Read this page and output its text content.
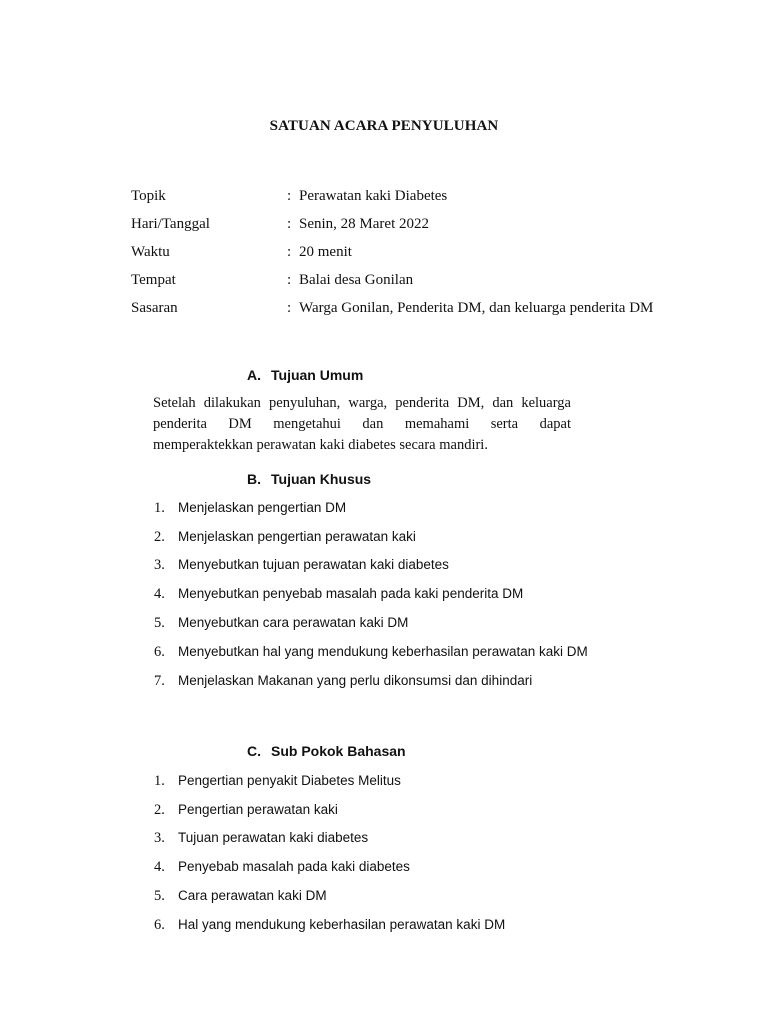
SATUAN ACARA PENYULUHAN
Topik	: Perawatan kaki Diabetes
Hari/Tanggal	: Senin, 28 Maret 2022
Waktu	: 20 menit
Tempat	: Balai desa Gonilan
Sasaran	: Warga Gonilan, Penderita DM, dan keluarga penderita DM
A. Tujuan Umum
Setelah dilakukan penyuluhan, warga, penderita DM, dan keluarga
penderita DM mengetahui dan memahami serta dapat
memperaktekkan perawatan kaki diabetes secara mandiri.
B. Tujuan Khusus
1. Menjelaskan pengertian DM
2. Menjelaskan pengertian perawatan kaki
3. Menyebutkan tujuan perawatan kaki diabetes
4. Menyebutkan penyebab masalah pada kaki penderita DM
5. Menyebutkan cara perawatan kaki DM
6. Menyebutkan hal yang mendukung keberhasilan perawatan kaki DM
7. Menjelaskan Makanan yang perlu dikonsumsi dan dihindari
C. Sub Pokok Bahasan
1. Pengertian penyakit Diabetes Melitus
2. Pengertian perawatan kaki
3. Tujuan perawatan kaki diabetes
4. Penyebab masalah pada kaki diabetes
5. Cara perawatan kaki DM
6. Hal yang mendukung keberhasilan perawatan kaki DM
